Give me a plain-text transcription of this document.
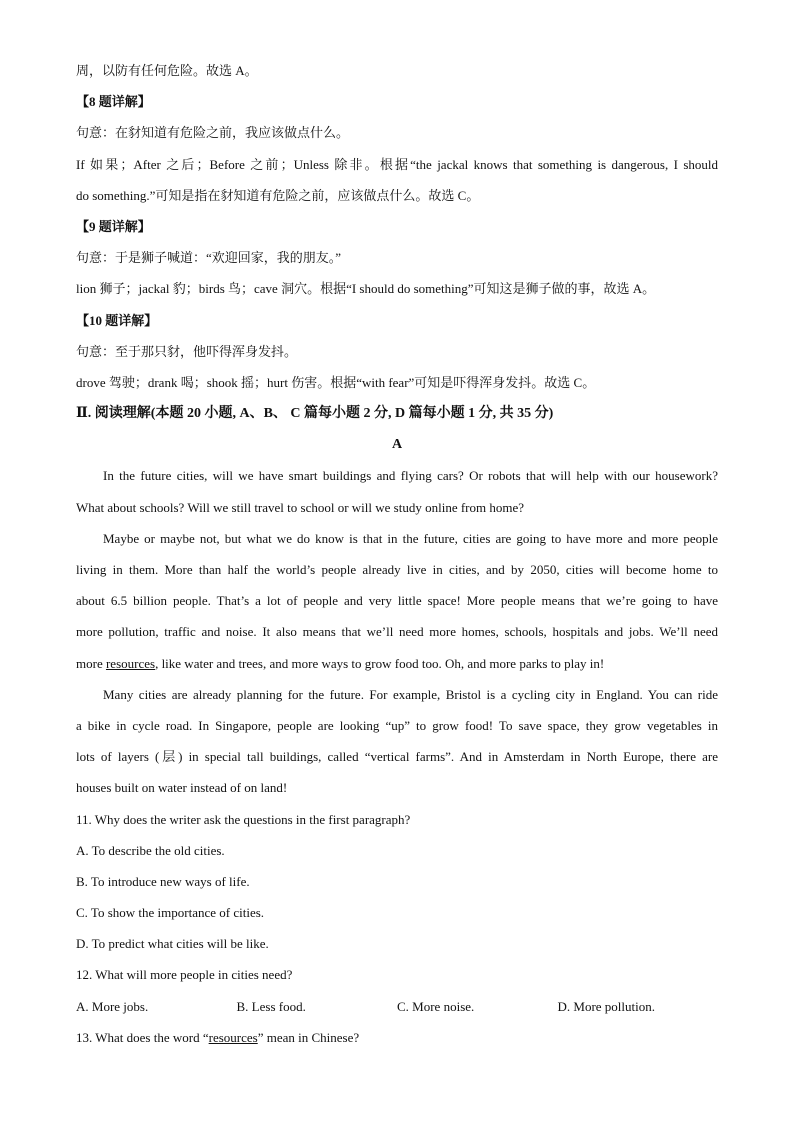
周，以防有任何危险。故选 A。
【8 题详解】
句意：在豺知道有危险之前，我应该做点什么。
If 如果；After 之后；Before 之前；Unless 除非。根据“the jackal knows that something is dangerous, I should
do something.”可知是指在豺知道有危险之前，应该做点什么。故选 C。
【9 题详解】
句意：于是狮子喊道：“欢迎回家，我的朋友。”
lion 狮子；jackal 豹；birds 鸟；cave 洞穴。根据“I should do something”可知这是狮子做的事，故选 A。
【10 题详解】
句意：至于那只豺，他吓得浑身发抖。
drove 驾驶；drank 喝；shook 摇；hurt 伤害。根据“with fear”可知是吓得浑身发抖。故选 C。
Ⅱ. 阅读理解(本题 20 小题, A、B、 C 篇每小题 2 分, D 篇每小题 1 分, 共 35 分)
A
In the future cities, will we have smart buildings and flying cars? Or robots that will help with our housework?
What about schools? Will we still travel to school or will we study online from home?
Maybe or maybe not, but what we do know is that in the future, cities are going to have more and more people
living in them. More than half the world’s people already live in cities, and by 2050, cities will become home to
about 6.5 billion people. That’s a lot of people and very little space! More people means that we’re going to have
more pollution, traffic and noise. It also means that we’ll need more homes, schools, hospitals and jobs. We’ll need
more resources, like water and trees, and more ways to grow food too. Oh, and more parks to play in!
Many cities are already planning for the future. For example, Bristol is a cycling city in England. You can ride
a bike in cycle road. In Singapore, people are looking “up” to grow food! To save space, they grow vegetables in
lots of layers (层) in special tall buildings, called “vertical farms”. And in Amsterdam in North Europe, there are
houses built on water instead of on land!
11. Why does the writer ask the questions in the first paragraph?
A. To describe the old cities.
B. To introduce new ways of life.
C. To show the importance of cities.
D. To predict what cities will be like.
12. What will more people in cities need?
A. More jobs.	B. Less food.	C. More noise.	D. More pollution.
13. What does the word “resources” mean in Chinese?
